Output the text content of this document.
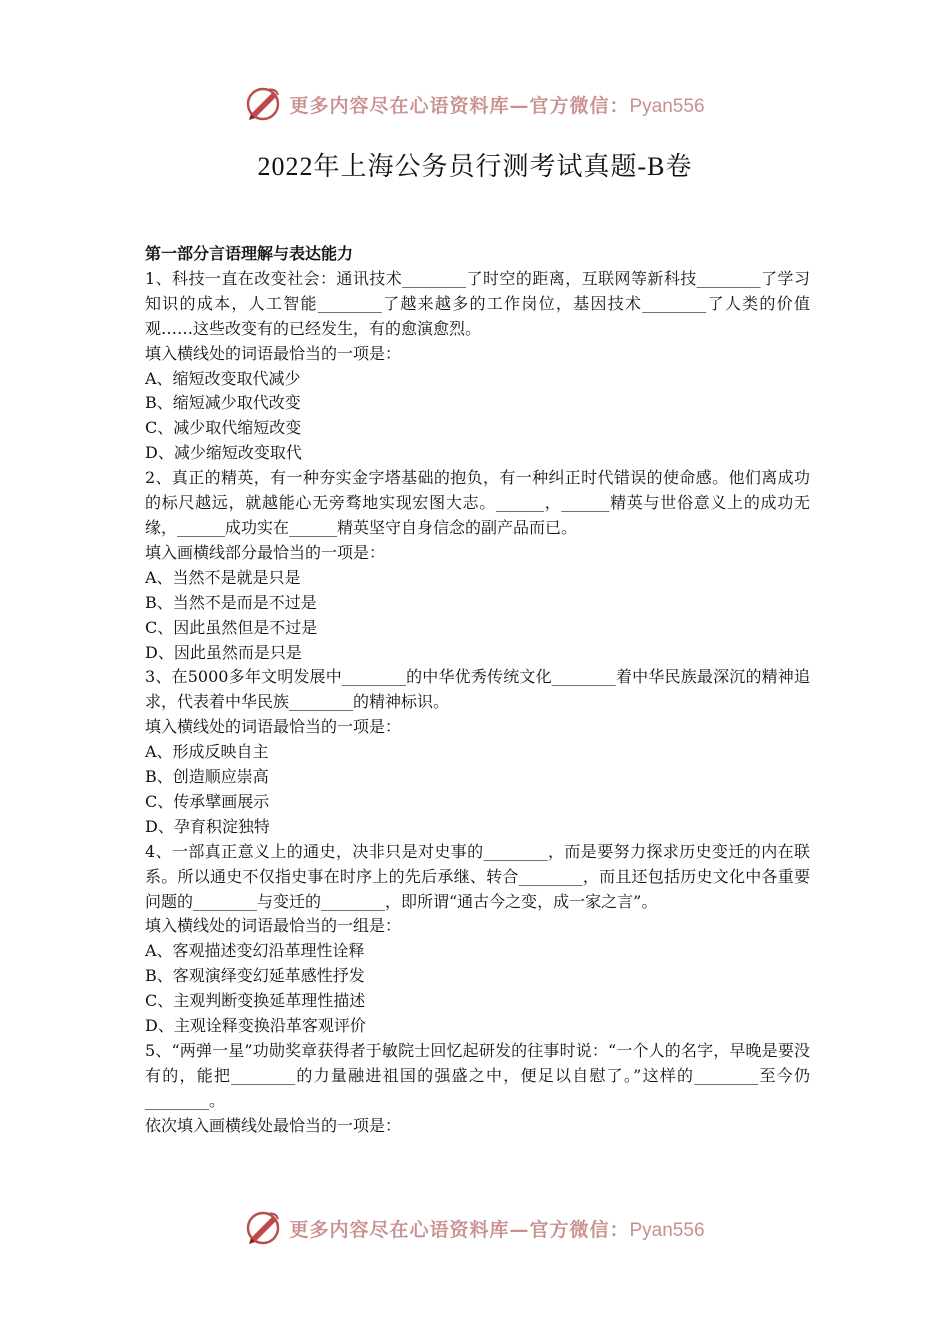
更多内容尽在心语资料库—官方微信：Pyan556
2022年上海公务员行测考试真题-B卷

第一部分言语理解与表达能力

1、科技一直在改变社会：通讯技术________了时空的距离，互联网等新科技________了学习知识的成本，人工智能________了越来越多的工作岗位，基因技术________了人类的价值观……这些改变有的已经发生，有的愈演愈烈。

填入横线处的词语最恰当的一项是：

A、缩短改变取代减少

B、缩短减少取代改变

C、减少取代缩短改变

D、减少缩短改变取代

2、真正的精英，有一种夯实金字塔基础的抱负，有一种纠正时代错误的使命感。他们离成功的标尺越远，就越能心无旁骛地实现宏图大志。______，______精英与世俗意义上的成功无缘，______成功实在______精英坚守自身信念的副产品而已。

填入画横线部分最恰当的一项是：

A、当然不是就是只是

B、当然不是而是不过是

C、因此虽然但是不过是

D、因此虽然而是只是

3、在5000多年文明发展中________的中华优秀传统文化________着中华民族最深沉的精神追求，代表着中华民族________的精神标识。

填入横线处的词语最恰当的一项是：

A、形成反映自主

B、创造顺应崇高

C、传承擘画展示

D、孕育积淀独特

4、一部真正意义上的通史，决非只是对史事的________，而是要努力探求历史变迁的内在联系。所以通史不仅指史事在时序上的先后承继、转合________，而且还包括历史文化中各重要问题的________与变迁的________，即所谓“通古今之变，成一家之言”。

填入横线处的词语最恰当的一组是：

A、客观描述变幻沿革理性诠释

B、客观演绎变幻延革感性抒发

C、主观判断变换延革理性描述

D、主观诠释变换沿革客观评价

5、“两弹一星”功勋奖章获得者于敏院士回忆起研发的往事时说：“一个人的名字，早晚是要没有的，能把________的力量融进祖国的强盛之中，便足以自慰了。”这样的________至今仍________。

依次填入画横线处最恰当的一项是：

更多内容尽在心语资料库—官方微信：Pyan556
